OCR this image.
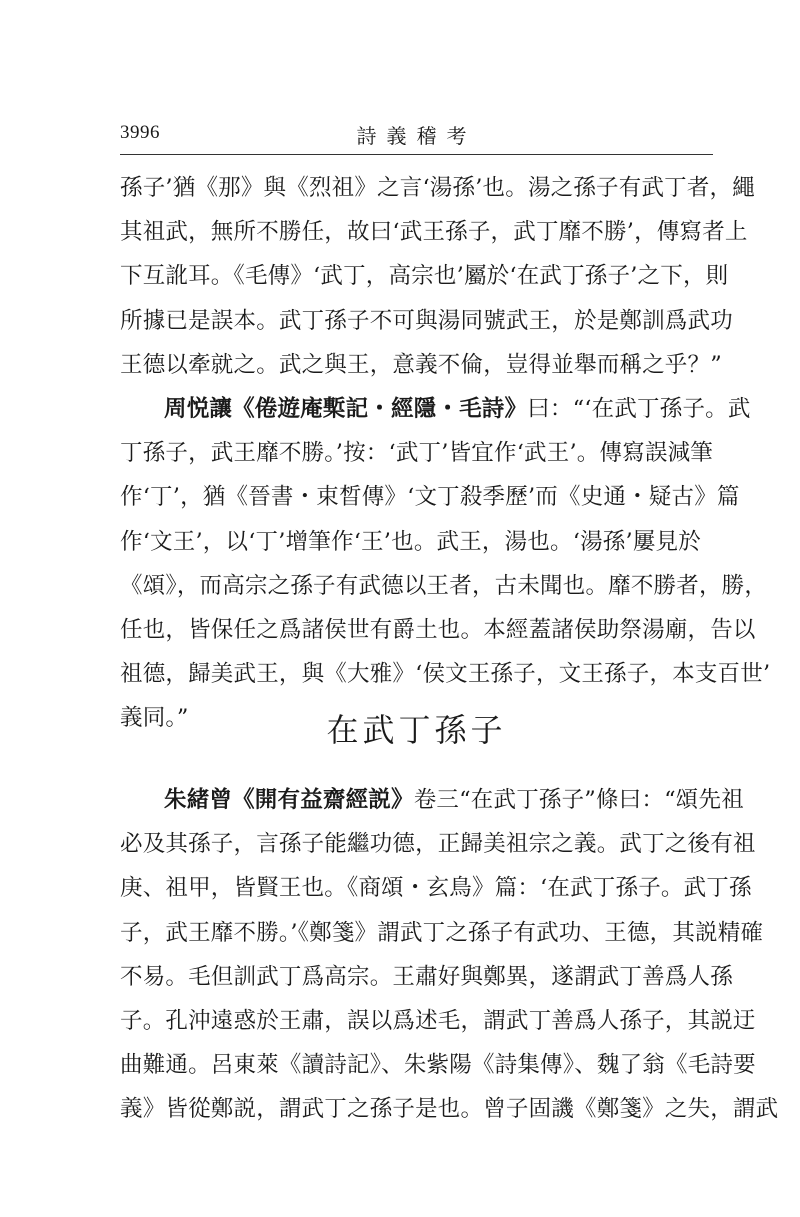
3996	詩義稽考
孫子’猶《那》與《烈祖》之言‘湯孫’也。湯之孫子有武丁者，繩
其祖武，無所不勝任，故曰‘武王孫子，武丁靡不勝’，傳寫者上
下互訛耳。《毛傳》‘武丁，高宗也’屬於‘在武丁孫子’之下，則
所據已是誤本。武丁孫子不可與湯同號武王，於是鄭訓爲武功
王德以牽就之。武之與王，意義不倫，豈得並舉而稱之乎？”
周悦讓《倦遊庵槧記・經隱・毛詩》曰：“‘在武丁孫子。武
丁孫子，武王靡不勝。’按：‘武丁’皆宜作‘武王’。傳寫誤減筆
作‘丁’，猶《晉書・束晳傳》‘文丁殺季歷’而《史通・疑古》篇
作‘文王’，以‘丁’增筆作‘王’也。武王，湯也。‘湯孫’屢見於
《頌》，而高宗之孫子有武德以王者，古未聞也。靡不勝者，勝，
任也，皆保任之爲諸侯世有爵土也。本經蓋諸侯助祭湯廟，告以
祖德，歸美武王，與《大雅》‘侯文王孫子，文王孫子，本支百世’
義同。”	在武丁孫子
朱緒曾《開有益齋經説》卷三“在武丁孫子”條曰：“頌先祖
必及其孫子，言孫子能繼功德，正歸美祖宗之義。武丁之後有祖
庚、祖甲，皆賢王也。《商頌・玄鳥》篇：‘在武丁孫子。武丁孫
子，武王靡不勝。’《鄭箋》謂武丁之孫子有武功、王德，其説精確
不易。毛但訓武丁爲高宗。王肅好與鄭異，遂謂武丁善爲人孫
子。孔沖遠惑於王肅，誤以爲述毛，謂武丁善爲人孫子，其説迂
曲難通。呂東萊《讀詩記》、朱紫陽《詩集傳》、魏了翁《毛詩要
義》皆從鄭説，謂武丁之孫子是也。曾子固譏《鄭箋》之失，謂武
